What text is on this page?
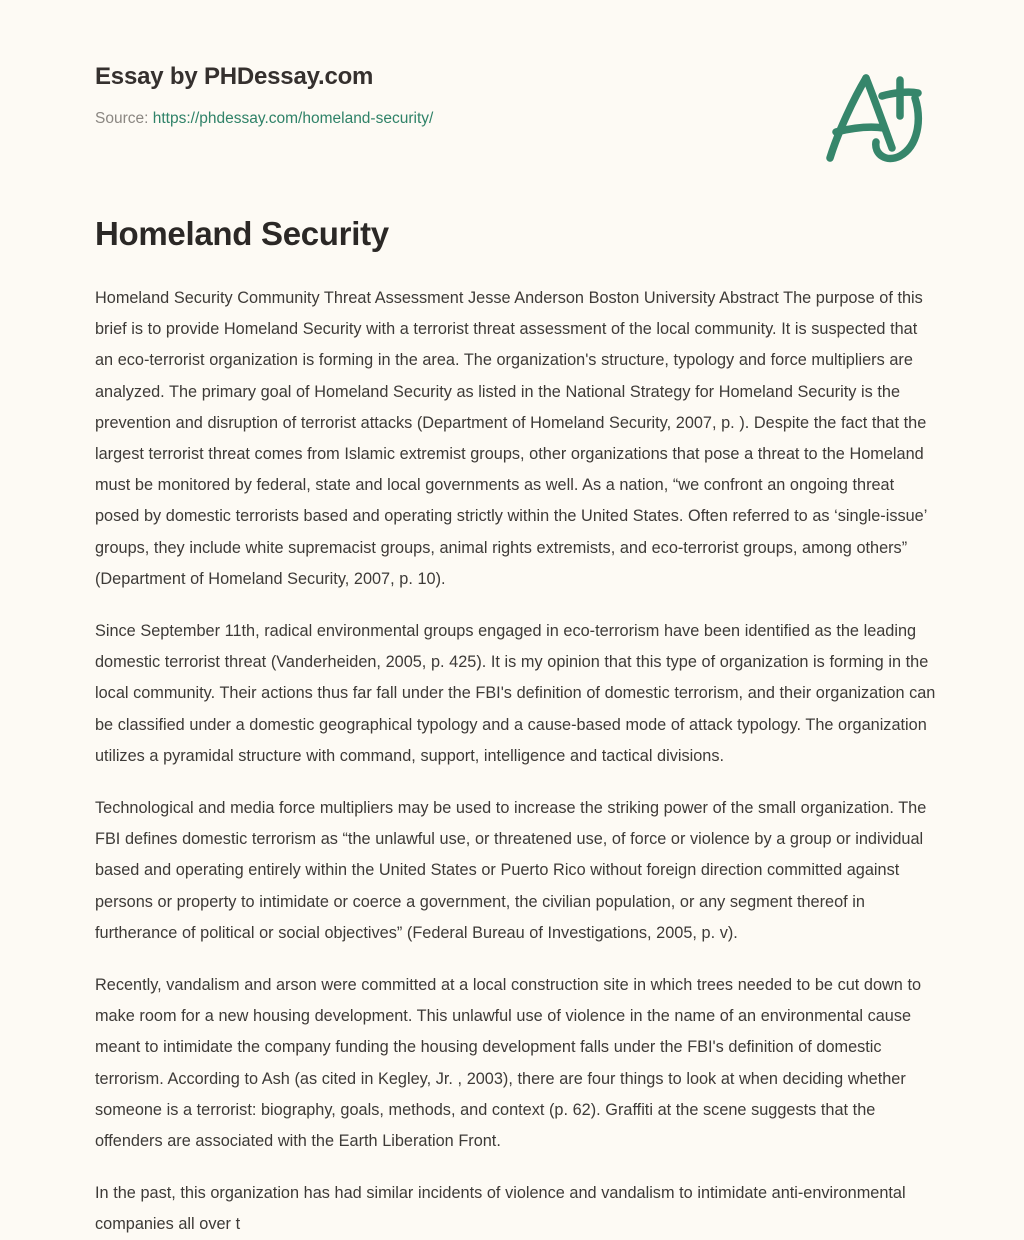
Essay by PHDessay.com
Source: https://phdessay.com/homeland-security/
Homeland Security

Homeland Security Community Threat Assessment Jesse Anderson Boston University Abstract The purpose of this brief is to provide Homeland Security with a terrorist threat assessment of the local community. It is suspected that an eco-terrorist organization is forming in the area. The organization's structure, typology and force multipliers are analyzed. The primary goal of Homeland Security as listed in the National Strategy for Homeland Security is the prevention and disruption of terrorist attacks (Department of Homeland Security, 2007, p. ). Despite the fact that the largest terrorist threat comes from Islamic extremist groups, other organizations that pose a threat to the Homeland must be monitored by federal, state and local governments as well. As a nation, “we confront an ongoing threat posed by domestic terrorists based and operating strictly within the United States. Often referred to as ‘single-issue’ groups, they include white supremacist groups, animal rights extremists, and eco-terrorist groups, among others” (Department of Homeland Security, 2007, p. 10).

Since September 11th, radical environmental groups engaged in eco-terrorism have been identified as the leading domestic terrorist threat (Vanderheiden, 2005, p. 425). It is my opinion that this type of organization is forming in the local community. Their actions thus far fall under the FBI's definition of domestic terrorism, and their organization can be classified under a domestic geographical typology and a cause-based mode of attack typology. The organization utilizes a pyramidal structure with command, support, intelligence and tactical divisions.

Technological and media force multipliers may be used to increase the striking power of the small organization. The FBI defines domestic terrorism as “the unlawful use, or threatened use, of force or violence by a group or individual based and operating entirely within the United States or Puerto Rico without foreign direction committed against persons or property to intimidate or coerce a government, the civilian population, or any segment thereof in furtherance of political or social objectives” (Federal Bureau of Investigations, 2005, p. v).

Recently, vandalism and arson were committed at a local construction site in which trees needed to be cut down to make room for a new housing development. This unlawful use of violence in the name of an environmental cause meant to intimidate the company funding the housing development falls under the FBI's definition of domestic terrorism. According to Ash (as cited in Kegley, Jr. , 2003), there are four things to look at when deciding whether someone is a terrorist: biography, goals, methods, and context (p. 62). Graffiti at the scene suggests that the offenders are associated with the Earth Liberation Front.

In the past, this organization has had similar incidents of violence and vandalism to intimidate anti-environmental companies all over t
